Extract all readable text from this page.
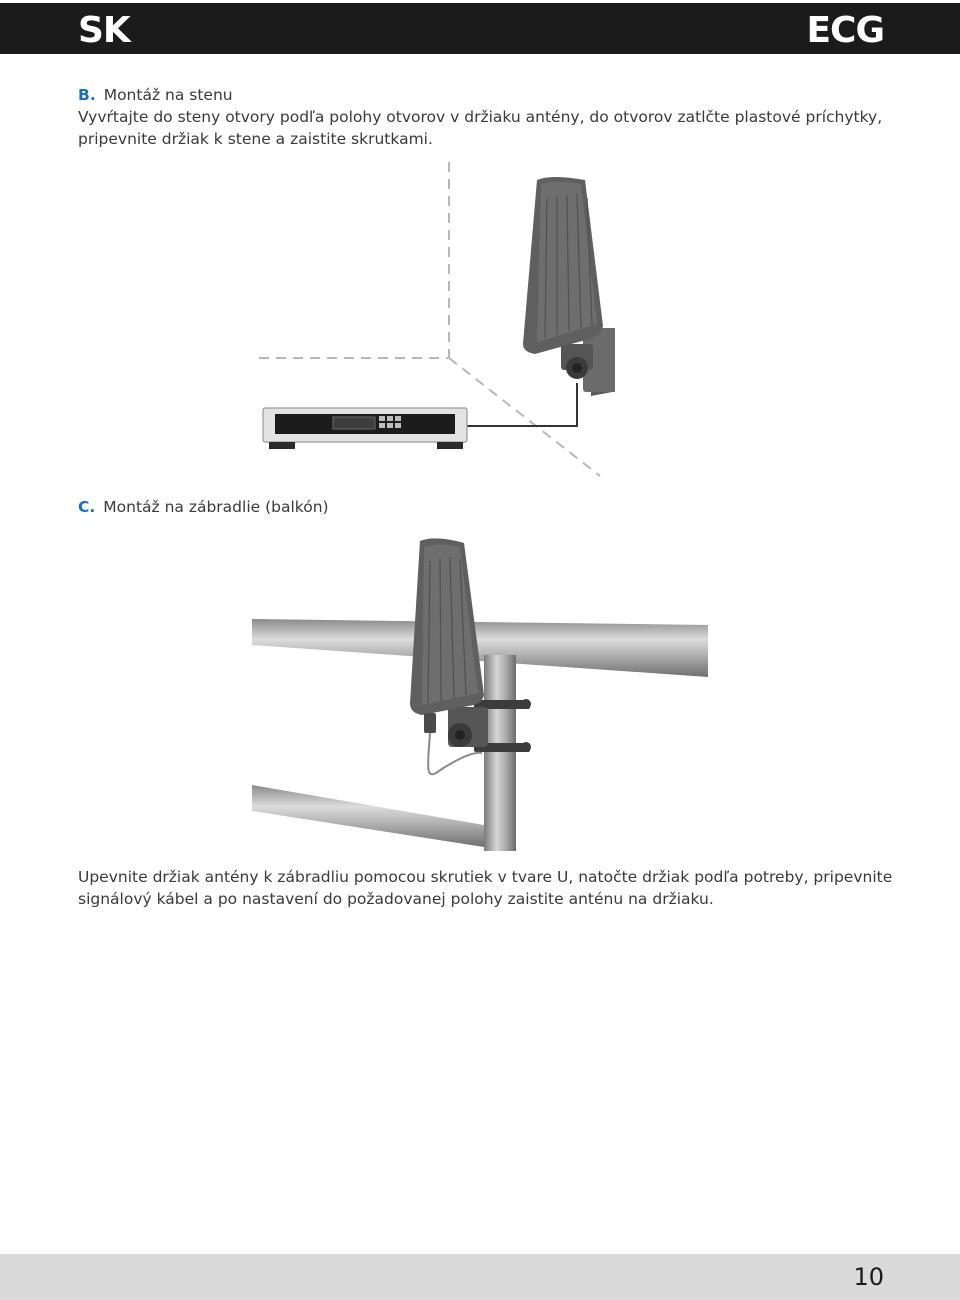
SK	ECG
B. Montáž na stenu
Vyvŕtajte do steny otvory podľa polohy otvorov v držiaku antény, do otvorov zatlčte plastové príchytky, pripevnite držiak k stene a zaistite skrutkami.
C. Montáž na zábradlie (balkón)
Upevnite držiak antény k zábradliu pomocou skrutiek v tvare U, natočte držiak podľa potreby, pripevnite signálový kábel a po nastavení do požadovanej polohy zaistite anténu na držiaku.
10
